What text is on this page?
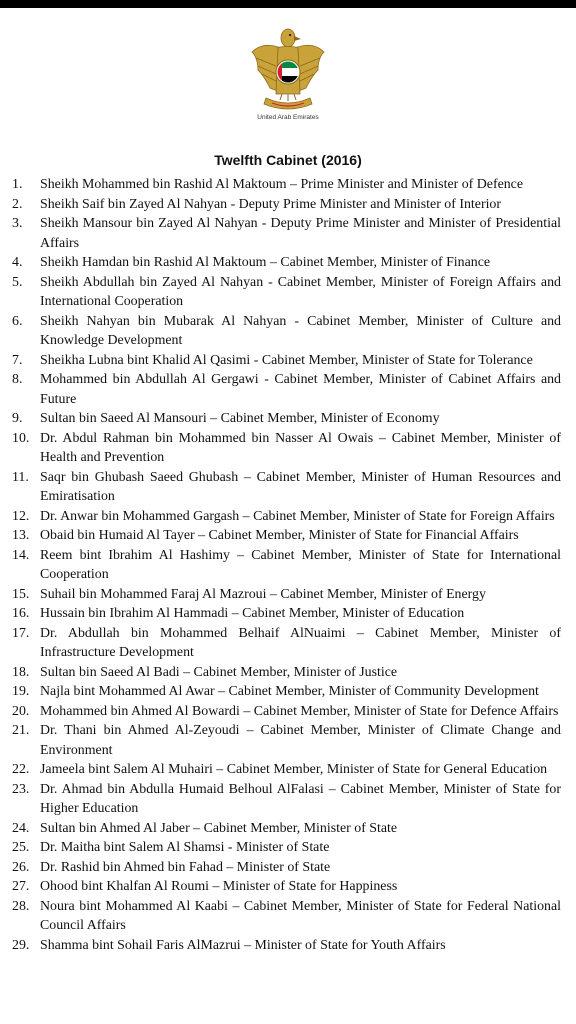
United Arab Emirates
Twelfth Cabinet (2016)
1.	Sheikh Mohammed bin Rashid Al Maktoum – Prime Minister and Minister of Defence
2.	Sheikh Saif bin Zayed Al Nahyan - Deputy Prime Minister and Minister of Interior
3.	Sheikh Mansour bin Zayed Al Nahyan - Deputy Prime Minister and Minister of Presidential Affairs
4.	Sheikh Hamdan bin Rashid Al Maktoum – Cabinet Member, Minister of Finance
5.	Sheikh Abdullah bin Zayed Al Nahyan - Cabinet Member, Minister of Foreign Affairs and International Cooperation
6.	Sheikh Nahyan bin Mubarak Al Nahyan - Cabinet Member, Minister of Culture and Knowledge Development
7.	Sheikha Lubna bint Khalid Al Qasimi - Cabinet Member, Minister of State for Tolerance
8.	Mohammed bin Abdullah Al Gergawi - Cabinet Member, Minister of Cabinet Affairs and Future
9.	Sultan bin Saeed Al Mansouri – Cabinet Member, Minister of Economy
10. Dr. Abdul Rahman bin Mohammed bin Nasser Al Owais – Cabinet Member, Minister of Health and Prevention
11. Saqr bin Ghubash Saeed Ghubash – Cabinet Member, Minister of Human Resources and Emiratisation
12. Dr. Anwar bin Mohammed Gargash – Cabinet Member, Minister of State for Foreign Affairs
13. Obaid bin Humaid Al Tayer – Cabinet Member, Minister of State for Financial Affairs
14. Reem bint Ibrahim Al Hashimy – Cabinet Member, Minister of State for International Cooperation
15. Suhail bin Mohammed Faraj Al Mazroui – Cabinet Member, Minister of Energy
16. Hussain bin Ibrahim Al Hammadi – Cabinet Member, Minister of Education
17. Dr. Abdullah bin Mohammed Belhaif AlNuaimi – Cabinet Member, Minister of Infrastructure Development
18. Sultan bin Saeed Al Badi – Cabinet Member, Minister of Justice
19. Najla bint Mohammed Al Awar – Cabinet Member, Minister of Community Development
20. Mohammed bin Ahmed Al Bowardi – Cabinet Member, Minister of State for Defence Affairs
21. Dr. Thani bin Ahmed Al-Zeyoudi – Cabinet Member, Minister of Climate Change and Environment
22. Jameela bint Salem Al Muhairi – Cabinet Member, Minister of State for General Education
23. Dr. Ahmad bin Abdulla Humaid Belhoul AlFalasi – Cabinet Member, Minister of State for Higher Education
24. Sultan bin Ahmed Al Jaber – Cabinet Member, Minister of State
25. Dr. Maitha bint Salem Al Shamsi - Minister of State
26. Dr. Rashid bin Ahmed bin Fahad – Minister of State
27. Ohood bint Khalfan Al Roumi – Minister of State for Happiness
28. Noura bint Mohammed Al Kaabi – Cabinet Member, Minister of State for Federal National Council Affairs
29. Shamma bint Sohail Faris AlMazrui – Minister of State for Youth Affairs
